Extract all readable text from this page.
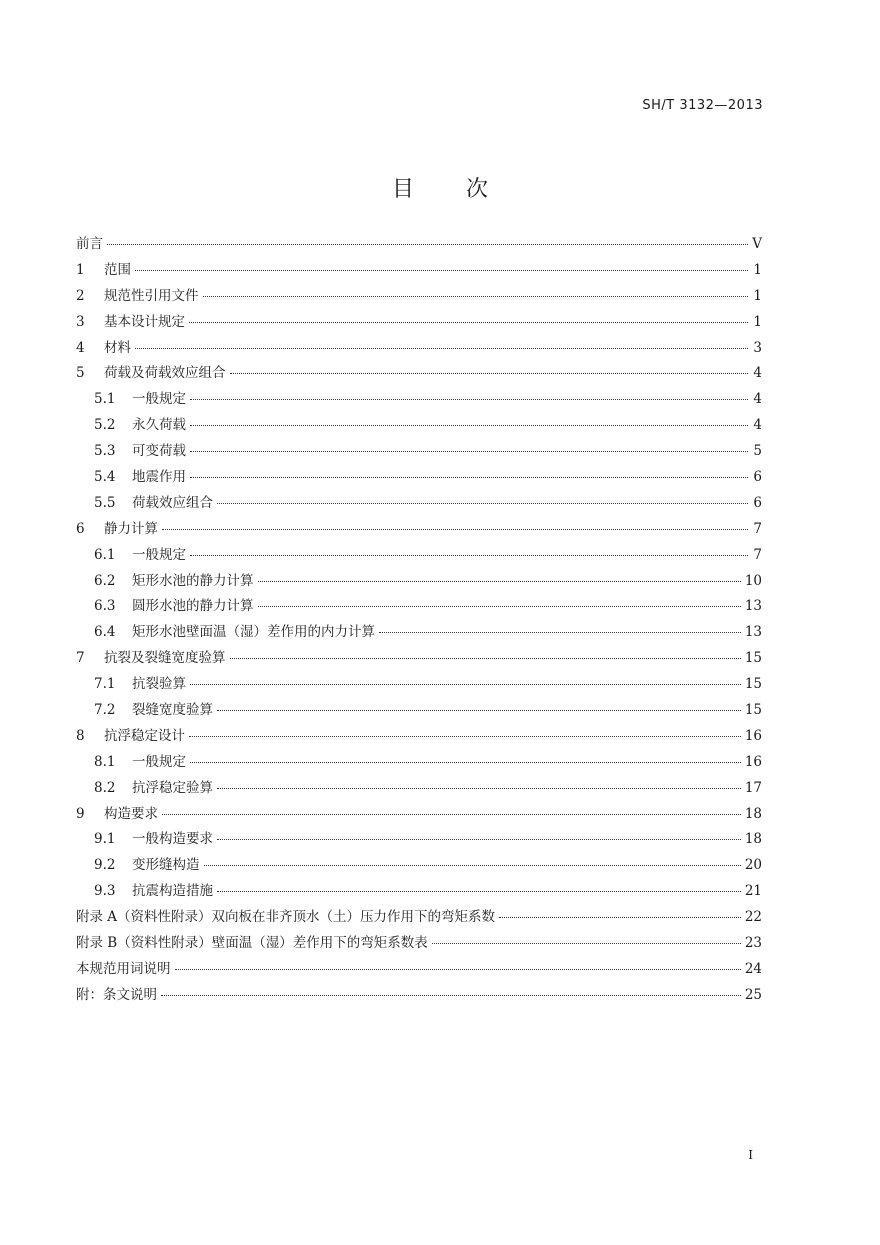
SH/T 3132—2013
目次
前言	V
1	范围	1
2	规范性引用文件	1
3	基本设计规定	1
4	材料	3
5	荷载及荷载效应组合	4
5.1	一般规定	4
5.2	永久荷载	4
5.3	可变荷载	5
5.4	地震作用	6
5.5	荷载效应组合	6
6	静力计算	7
6.1	一般规定	7
6.2	矩形水池的静力计算	10
6.3	圆形水池的静力计算	13
6.4	矩形水池壁面温（湿）差作用的内力计算	13
7	抗裂及裂缝宽度验算	15
7.1	抗裂验算	15
7.2	裂缝宽度验算	15
8	抗浮稳定设计	16
8.1	一般规定	16
8.2	抗浮稳定验算	17
9	构造要求	18
9.1	一般构造要求	18
9.2	变形缝构造	20
9.3	抗震构造措施	21
附录 A（资料性附录）双向板在非齐顶水（土）压力作用下的弯矩系数	22
附录 B（资料性附录）壁面温（湿）差作用下的弯矩系数表	23
本规范用词说明	24
附：条文说明	25
I
